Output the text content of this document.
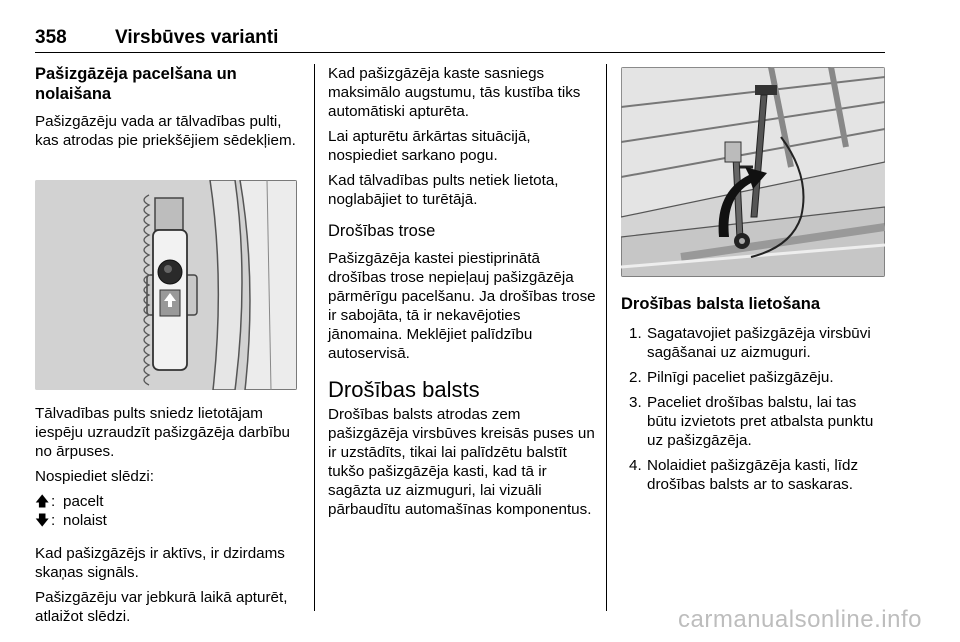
358	Virsbūves varianti
Pašizgāzēja pacelšana un nolaišana

Pašizgāzēju vada ar tālvadības pulti, kas atrodas pie priekšējiem sēdekļiem.

Tālvadības pults sniedz lietotājam iespēju uzraudzīt pašizgāzēja darbību no ārpuses.

Nospiediet slēdzi:

🡅 : pacelt
🡇 : nolaist

Kad pašizgāzējs ir aktīvs, ir dzirdams skaņas signāls.

Pašizgāzēju var jebkurā laikā apturēt, atlaižot slēdzi.

Kad pašizgāzēja kaste sasniegs maksimālo augstumu, tās kustība tiks automātiski apturēta.

Lai apturētu ārkārtas situācijā, nospiediet sarkano pogu.

Kad tālvadības pults netiek lietota, noglabājiet to turētājā.

Drošības trose

Pašizgāzēja kastei piestiprinātā drošības trose nepieļauj pašizgāzēja pārmērīgu pacelšanu. Ja drošības trose ir sabojāta, tā ir nekavējoties jānomaina. Meklējiet palīdzību autoservisā.

Drošības balsts

Drošības balsts atrodas zem pašizgāzēja virsbūves kreisās puses un ir uzstādīts, tikai lai palīdzētu balstīt tukšo pašizgāzēja kasti, kad tā ir sagāzta uz aizmuguri, lai vizuāli pārbaudītu automašīnas komponentus.

Drošības balsta lietošana
1. Sagatavojiet pašizgāzēja virsbūvi sagāšanai uz aizmuguri.
2. Pilnīgi paceliet pašizgāzēju.
3. Paceliet drošības balstu, lai tas būtu izvietots pret atbalsta punktu uz pašizgāzēja.
4. Nolaidiet pašizgāzēja kasti, līdz drošības balsts ar to saskaras.
carmanualsonline.info
